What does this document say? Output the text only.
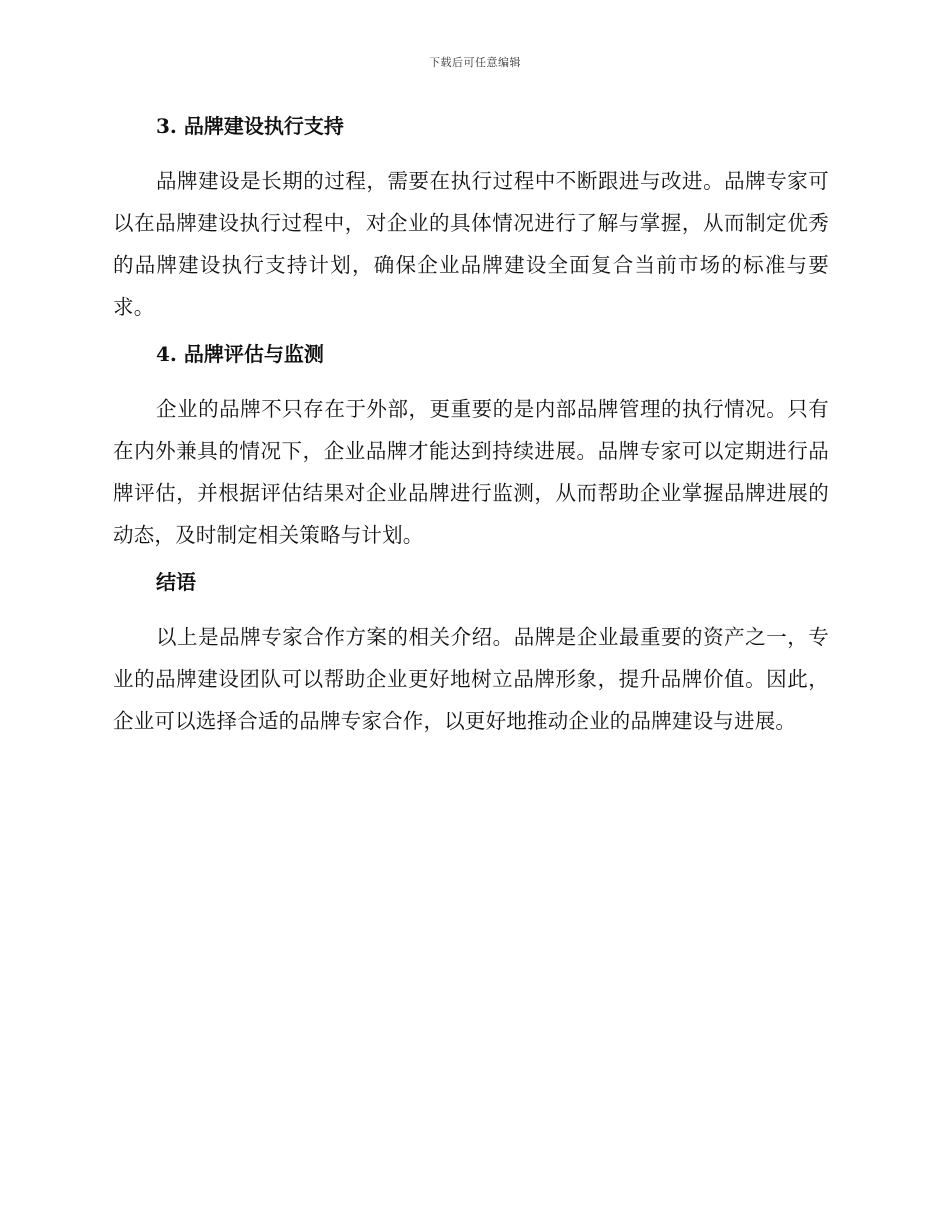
下载后可任意编辑
3. 品牌建设执行支持

品牌建设是长期的过程，需要在执行过程中不断跟进与改进。品牌专家可以在品牌建设执行过程中，对企业的具体情况进行了解与掌握，从而制定优秀的品牌建设执行支持计划，确保企业品牌建设全面复合当前市场的标准与要求。

4. 品牌评估与监测

企业的品牌不只存在于外部，更重要的是内部品牌管理的执行情况。只有在内外兼具的情况下，企业品牌才能达到持续进展。品牌专家可以定期进行品牌评估，并根据评估结果对企业品牌进行监测，从而帮助企业掌握品牌进展的动态，及时制定相关策略与计划。

结语

以上是品牌专家合作方案的相关介绍。品牌是企业最重要的资产之一，专业的品牌建设团队可以帮助企业更好地树立品牌形象，提升品牌价值。因此，企业可以选择合适的品牌专家合作，以更好地推动企业的品牌建设与进展。
